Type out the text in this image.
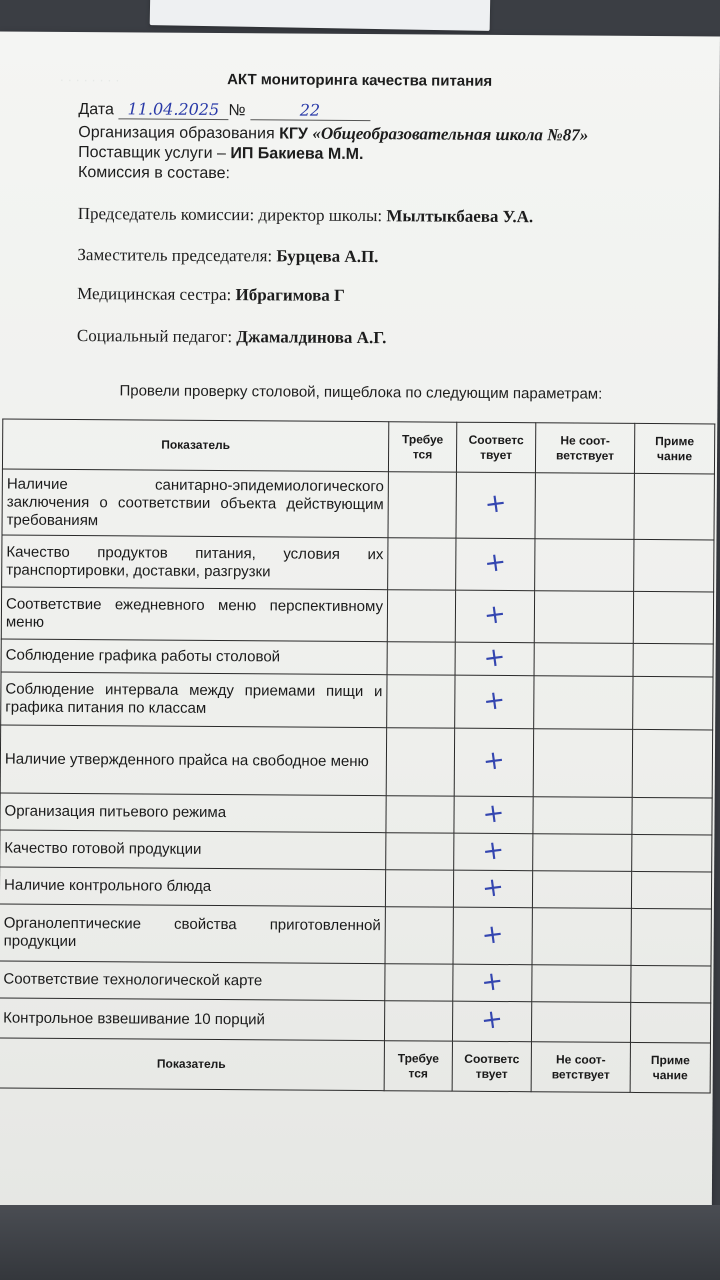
· · · · · · · ·	АКТ мониторинга качества питания
Дата 11.04.2025 №	22
Организация образования КГУ «Общеобразовательная школа №87»
Поставщик услуги – ИП Бакиева М.М.
Комиссия в составе:
Председатель комиссии: директор школы: Мылтыкбаева У.А.
Заместитель председателя: Бурцева А.П.
Медицинская сестра: Ибрагимова Г
Социальный педагог: Джамалдинова А.Г.
Провели проверку столовой, пищеблока по следующим параметрам:
Показатель	Требуе тся	Соответс твует	Не соот- ветствует	Приме чание
Наличие санитарно-эпидемиологического заключения о соответствии объекта действующим требованиям		+		
Качество продуктов питания, условия их транспортировки, доставки, разгрузки		+		
Соответствие ежедневного меню перспективному меню		+		
Соблюдение графика работы столовой		+		
Соблюдение интервала между приемами пищи и графика питания по классам		+		
Наличие утвержденного прайса на свободное меню		+		
Организация питьевого режима		+		
Качество готовой продукции		+		
Наличие контрольного блюда		+		
Органолептические свойства приготовленной продукции		+		
Соответствие технологической карте		+		
Контрольное взвешивание 10 порций		+		
Показатель	Требуе тся	Соответс твует	Не соот- ветствует	Приме чание
